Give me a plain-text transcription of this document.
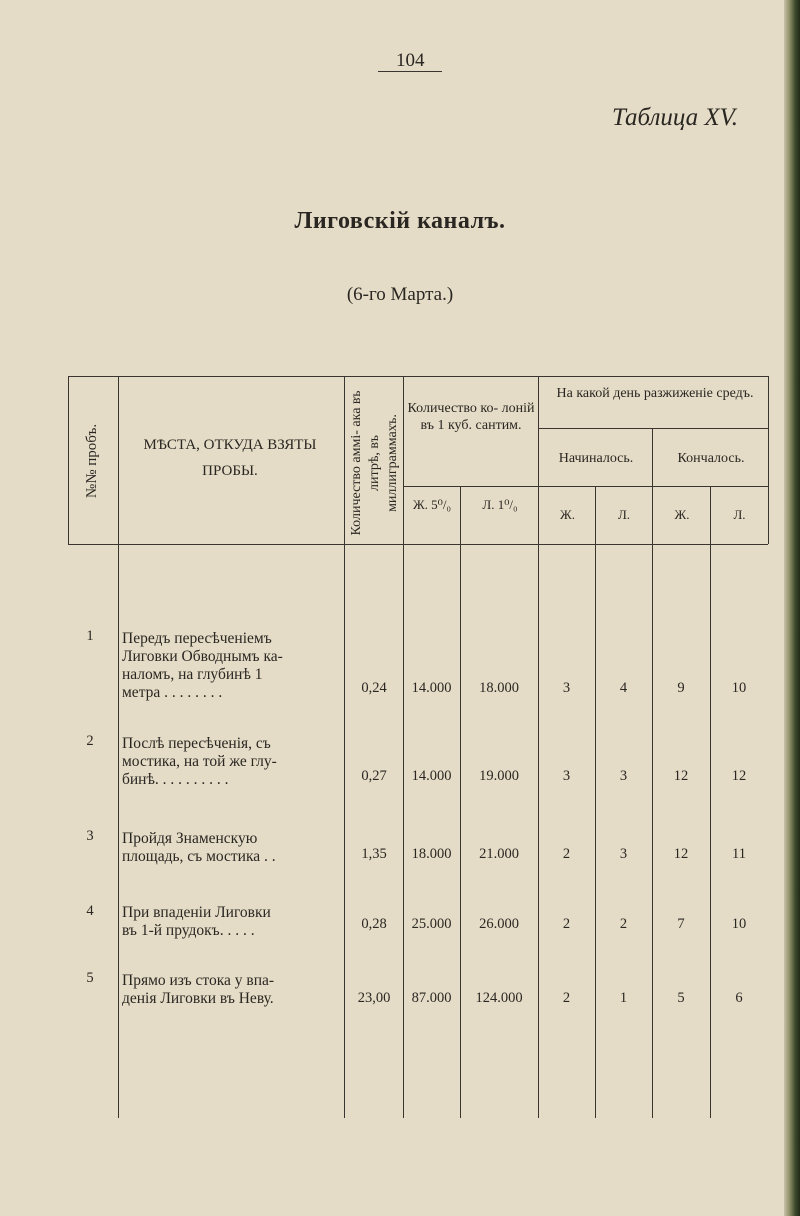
104
Таблица XV.
Лиговскій каналъ.
(6-го Марта.)
№№ пробъ.	МѢСТА, ОТКУДА ВЗЯТЫ ПРОБЫ.	Количество аммі- ака въ литрѣ, въ миллиграммахъ.
Количество ко- лоній въ 1 куб. сантим.
Ж. 5⁰/₀	Л. 1⁰/₀
На какой день разжиженіе средъ.
Начиналось.	Кончалось.
Ж.	Л.	Ж.	Л.
1	Передъ пересѣченіемъ
Лиговки Обводнымъ ка-
наломъ, на глубинѣ 1
метра . . . . . . . .	0,24	14.000	18.000	3	4	9	10
2	Послѣ пересѣченія, съ
мостика, на той же глу-
бинѣ. . . . . . . . . .	0,27	14.000	19.000	3	3	12	12
3	Пройдя Знаменскую
площадь, съ мостика . .	1,35	18.000	21.000	2	3	12	11
4	При впаденіи Лиговки
въ 1-й прудокъ. . . . .	0,28	25.000	26.000	2	2	7	10
5	Прямо изъ стока у впа-
денія Лиговки въ Неву.	23,00	87.000	124.000	2	1	5	6
